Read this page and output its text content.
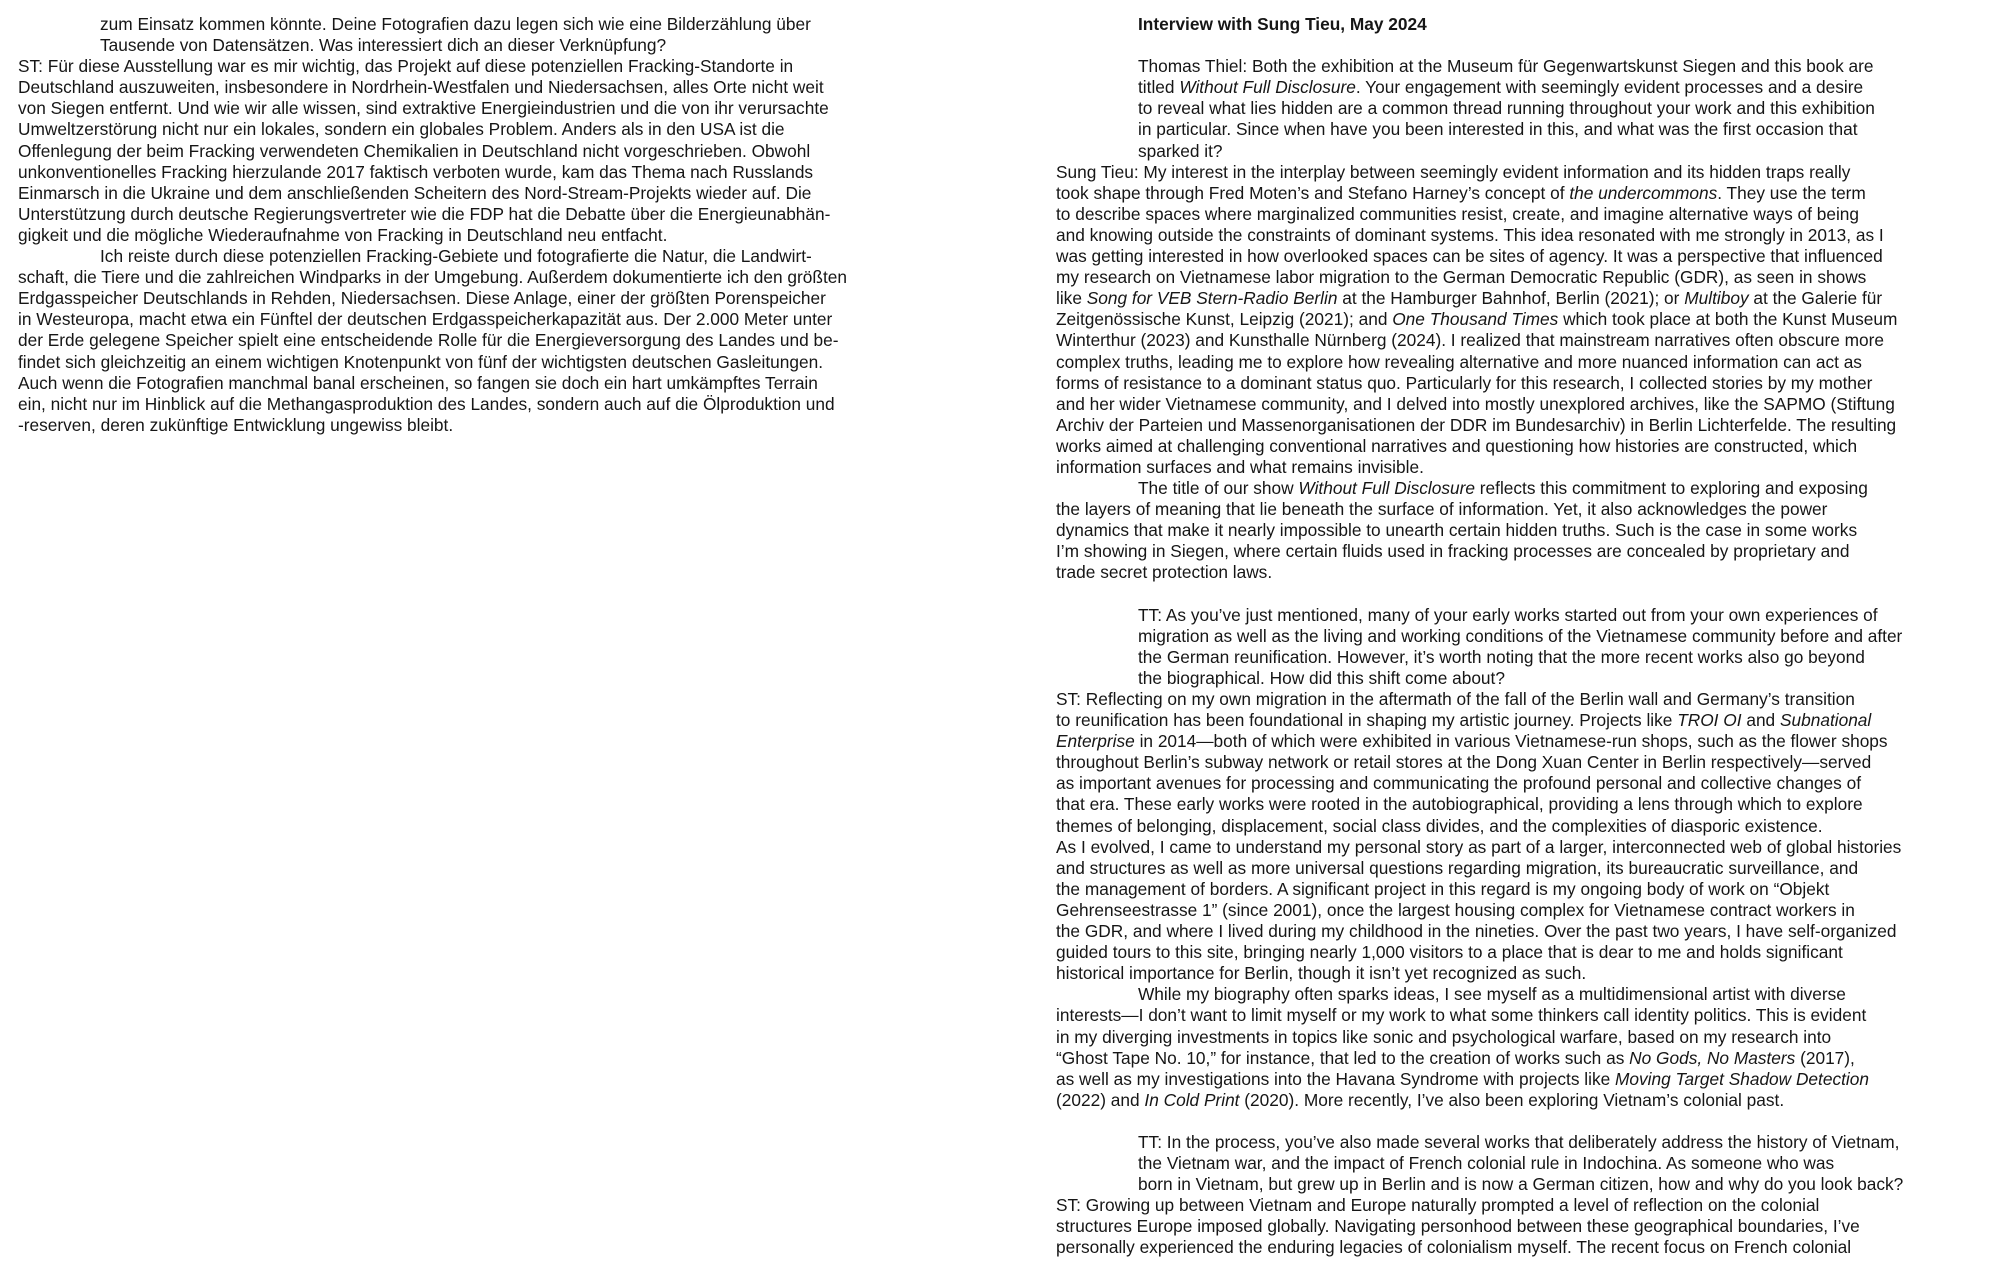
zum Einsatz kommen könnte. Deine Fotografien dazu legen sich wie eine Bilderzählung über
Tausende von Datensätzen. Was interessiert dich an dieser Verknüpfung?
ST: Für diese Ausstellung war es mir wichtig, das Projekt auf diese potenziellen Fracking-Standorte in
Deutschland auszuweiten, insbesondere in Nordrhein-Westfalen und Niedersachsen, alles Orte nicht weit
von Siegen entfernt. Und wie wir alle wissen, sind extraktive Energieindustrien und die von ihr verursachte
Umweltzerstörung nicht nur ein lokales, sondern ein globales Problem. Anders als in den USA ist die
Offenlegung der beim Fracking verwendeten Chemikalien in Deutschland nicht vorgeschrieben. Obwohl
unkonventionelles Fracking hierzulande 2017 faktisch verboten wurde, kam das Thema nach Russlands
Einmarsch in die Ukraine und dem anschließenden Scheitern des Nord-Stream-Projekts wieder auf. Die
Unterstützung durch deutsche Regierungsvertreter wie die FDP hat die Debatte über die Energieunabhän-
gigkeit und die mögliche Wiederaufnahme von Fracking in Deutschland neu entfacht.
Ich reiste durch diese potenziellen Fracking-Gebiete und fotografierte die Natur, die Landwirt-
schaft, die Tiere und die zahlreichen Windparks in der Umgebung. Außerdem dokumentierte ich den größten
Erdgasspeicher Deutschlands in Rehden, Niedersachsen. Diese Anlage, einer der größten Porenspeicher
in Westeuropa, macht etwa ein Fünftel der deutschen Erdgasspeicherkapazität aus. Der 2.000 Meter unter
der Erde gelegene Speicher spielt eine entscheidende Rolle für die Energieversorgung des Landes und be-
findet sich gleichzeitig an einem wichtigen Knotenpunkt von fünf der wichtigsten deutschen Gasleitungen.
Auch wenn die Fotografien manchmal banal erscheinen, so fangen sie doch ein hart umkämpftes Terrain
ein, nicht nur im Hinblick auf die Methangasproduktion des Landes, sondern auch auf die Ölproduktion und
-reserven, deren zukünftige Entwicklung ungewiss bleibt.
Interview with Sung Tieu, May 2024
Thomas Thiel: Both the exhibition at the Museum für Gegenwartskunst Siegen and this book are
titled Without Full Disclosure. Your engagement with seemingly evident processes and a desire
to reveal what lies hidden are a common thread running throughout your work and this exhibition
in particular. Since when have you been interested in this, and what was the first occasion that
sparked it?
Sung Tieu: My interest in the interplay between seemingly evident information and its hidden traps really
took shape through Fred Moten’s and Stefano Harney’s concept of the undercommons. They use the term
to describe spaces where marginalized communities resist, create, and imagine alternative ways of being
and knowing outside the constraints of dominant systems. This idea resonated with me strongly in 2013, as I
was getting interested in how overlooked spaces can be sites of agency. It was a perspective that influenced
my research on Vietnamese labor migration to the German Democratic Republic (GDR), as seen in shows
like Song for VEB Stern-Radio Berlin at the Hamburger Bahnhof, Berlin (2021); or Multiboy at the Galerie für
Zeitgenössische Kunst, Leipzig (2021); and One Thousand Times which took place at both the Kunst Museum
Winterthur (2023) and Kunsthalle Nürnberg (2024). I realized that mainstream narratives often obscure more
complex truths, leading me to explore how revealing alternative and more nuanced information can act as
forms of resistance to a dominant status quo. Particularly for this research, I collected stories by my mother
and her wider Vietnamese community, and I delved into mostly unexplored archives, like the SAPMO (Stiftung
Archiv der Parteien und Massenorganisationen der DDR im Bundesarchiv) in Berlin Lichterfelde. The resulting
works aimed at challenging conventional narratives and questioning how histories are constructed, which
information surfaces and what remains invisible.
The title of our show Without Full Disclosure reflects this commitment to exploring and exposing
the layers of meaning that lie beneath the surface of information. Yet, it also acknowledges the power
dynamics that make it nearly impossible to unearth certain hidden truths. Such is the case in some works
I’m showing in Siegen, where certain fluids used in fracking processes are concealed by proprietary and
trade secret protection laws.
TT: As you’ve just mentioned, many of your early works started out from your own experiences of
migration as well as the living and working conditions of the Vietnamese community before and after
the German reunification. However, it’s worth noting that the more recent works also go beyond
the biographical. How did this shift come about?
ST: Reflecting on my own migration in the aftermath of the fall of the Berlin wall and Germany’s transition
to reunification has been foundational in shaping my artistic journey. Projects like TROI OI and Subnational
Enterprise in 2014—both of which were exhibited in various Vietnamese-run shops, such as the flower shops
throughout Berlin’s subway network or retail stores at the Dong Xuan Center in Berlin respectively—served
as important avenues for processing and communicating the profound personal and collective changes of
that era. These early works were rooted in the autobiographical, providing a lens through which to explore
themes of belonging, displacement, social class divides, and the complexities of diasporic existence.
As I evolved, I came to understand my personal story as part of a larger, interconnected web of global histories
and structures as well as more universal questions regarding migration, its bureaucratic surveillance, and
the management of borders. A significant project in this regard is my ongoing body of work on “Objekt
Gehrenseestrasse 1” (since 2001), once the largest housing complex for Vietnamese contract workers in
the GDR, and where I lived during my childhood in the nineties. Over the past two years, I have self-organized
guided tours to this site, bringing nearly 1,000 visitors to a place that is dear to me and holds significant
historical importance for Berlin, though it isn’t yet recognized as such.
While my biography often sparks ideas, I see myself as a multidimensional artist with diverse
interests—I don’t want to limit myself or my work to what some thinkers call identity politics. This is evident
in my diverging investments in topics like sonic and psychological warfare, based on my research into
“Ghost Tape No. 10,” for instance, that led to the creation of works such as No Gods, No Masters (2017),
as well as my investigations into the Havana Syndrome with projects like Moving Target Shadow Detection
(2022) and In Cold Print (2020). More recently, I’ve also been exploring Vietnam’s colonial past.
TT: In the process, you’ve also made several works that deliberately address the history of Vietnam,
the Vietnam war, and the impact of French colonial rule in Indochina. As someone who was
born in Vietnam, but grew up in Berlin and is now a German citizen, how and why do you look back?
ST: Growing up between Vietnam and Europe naturally prompted a level of reflection on the colonial
structures Europe imposed globally. Navigating personhood between these geographical boundaries, I’ve
personally experienced the enduring legacies of colonialism myself. The recent focus on French colonial
